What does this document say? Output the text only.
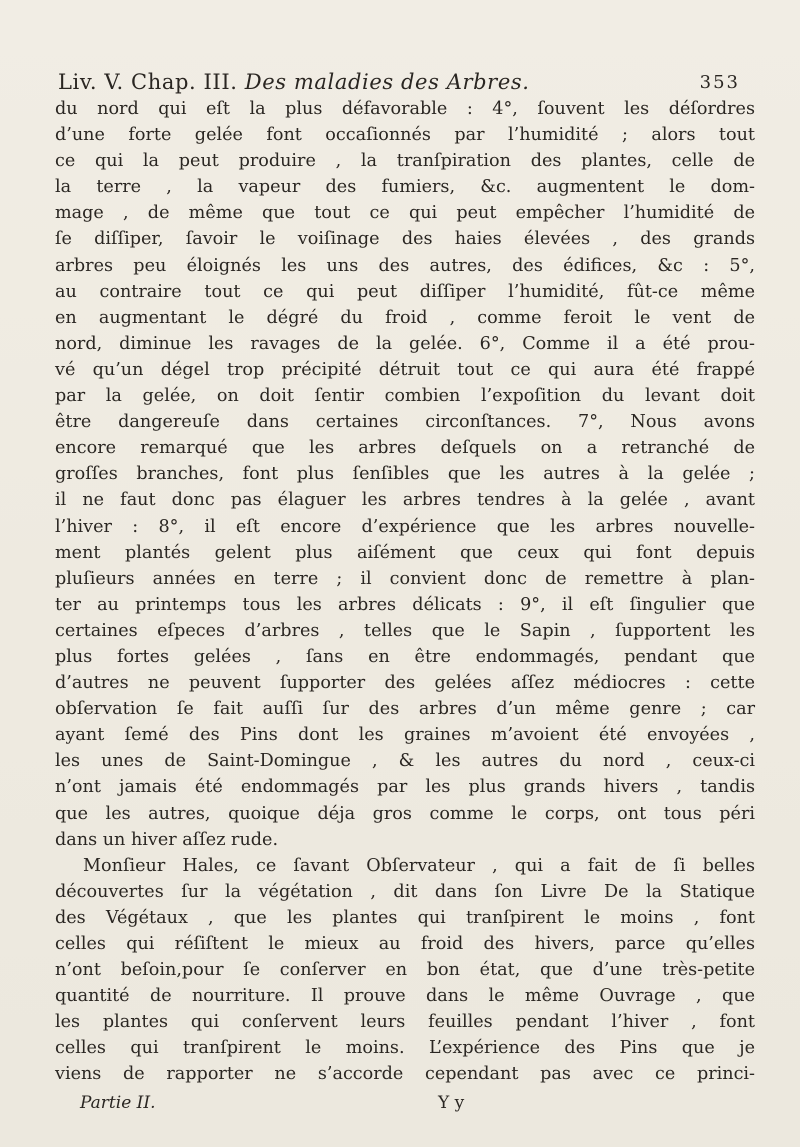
Liv. V. Chap. III. Des maladies des Arbres.	353
du nord qui eſt la plus défavorable : 4°, ſouvent les déſordres
d’une forte gelée font occaſionnés par l’humidité ; alors tout
ce qui la peut produire , la tranſpiration des plantes, celle de
la terre , la vapeur des fumiers, &c. augmentent le dom-
mage , de même que tout ce qui peut empêcher l’humidité de
ſe diſſiper, ſavoir le voiſinage des haies élevées , des grands
arbres peu éloignés les uns des autres, des édifices, &c : 5°,
au contraire tout ce qui peut diſſiper l’humidité, fût-ce même
en augmentant le dégré du froid , comme feroit le vent de
nord, diminue les ravages de la gelée. 6°, Comme il a été prou-
vé qu’un dégel trop précipité détruit tout ce qui aura été frappé
par la gelée, on doit ſentir combien l’expoſition du levant doit
être dangereuſe dans certaines circonſtances. 7°, Nous avons
encore remarqué que les arbres deſquels on a retranché de
groſſes branches, font plus ſenſibles que les autres à la gelée ;
il ne faut donc pas élaguer les arbres tendres à la gelée , avant
l’hiver : 8°, il eſt encore d’expérience que les arbres nouvelle-
ment plantés gelent plus aiſément que ceux qui font depuis
pluſieurs années en terre ; il convient donc de remettre à plan-
ter au printemps tous les arbres délicats : 9°, il eſt ſingulier que
certaines eſpeces d’arbres , telles que le Sapin , ſupportent les
plus fortes gelées , ſans en être endommagés, pendant que
d’autres ne peuvent ſupporter des gelées aſſez médiocres : cette
obſervation ſe fait auſſi ſur des arbres d’un même genre ; car
ayant ſemé des Pins dont les graines m’avoient été envoyées ,
les unes de Saint-Domingue , & les autres du nord , ceux-ci
n’ont jamais été endommagés par les plus grands hivers , tandis
que les autres, quoique déja gros comme le corps, ont tous péri
dans un hiver aſſez rude.
Monſieur Hales, ce ſavant Obſervateur , qui a fait de ſi belles
découvertes ſur la végétation , dit dans ſon Livre De la Statique
des Végétaux , que les plantes qui tranſpirent le moins , font
celles qui réſiſtent le mieux au froid des hivers, parce qu’elles
n’ont beſoin,pour ſe conſerver en bon état, que d’une très-petite
quantité de nourriture. Il prouve dans le même Ouvrage , que
les plantes qui conſervent leurs feuilles pendant l’hiver , font
celles qui tranſpirent le moins. L’expérience des Pins que je
viens de rapporter ne s’accorde cependant pas avec ce princi-
Partie II.	Y y
